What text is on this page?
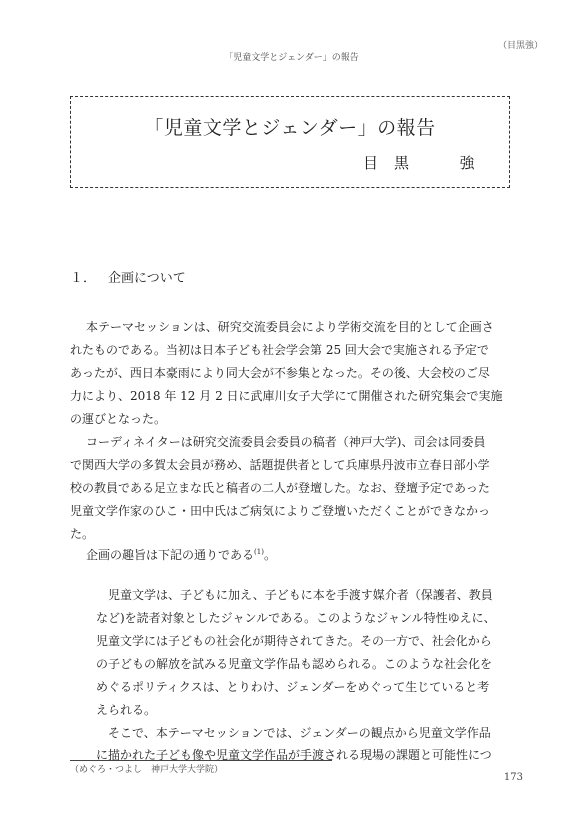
（目黒強）
「児童文学とジェンダー」の報告
「児童文学とジェンダー」の報告
目　黒	強
１． 企画について
本テーマセッションは、研究交流委員会により学術交流を目的として企画さ
れたものである。当初は日本子ども社会学会第 25 回大会で実施される予定で
あったが、西日本豪雨により同大会が不参集となった。その後、大会校のご尽
力により、2018 年 12 月 2 日に武庫川女子大学にて開催された研究集会で実施
の運びとなった。
コーディネイターは研究交流委員会委員の稿者（神戸大学)、司会は同委員
で関西大学の多賀太会員が務め、話題提供者として兵庫県丹波市立春日部小学
校の教員である足立まな氏と稿者の二人が登壇した。なお、登壇予定であった
児童文学作家のひこ・田中氏はご病気によりご登壇いただくことができなかっ
た。
企画の趣旨は下記の通りである$^{(1)}$。
児童文学は、子どもに加え、子どもに本を手渡す媒介者（保護者、教員
など)を読者対象としたジャンルである。このようなジャンル特性ゆえに、
児童文学には子どもの社会化が期待されてきた。その一方で、社会化から
の子どもの解放を試みる児童文学作品も認められる。このような社会化を
めぐるポリティクスは、とりわけ、ジェンダーをめぐって生じていると考
えられる。
そこで、本テーマセッションでは、ジェンダーの観点から児童文学作品
に描かれた子ども像や児童文学作品が手渡される現場の課題と可能性につ
（めぐろ・つよし　神戸大学大学院）
173
